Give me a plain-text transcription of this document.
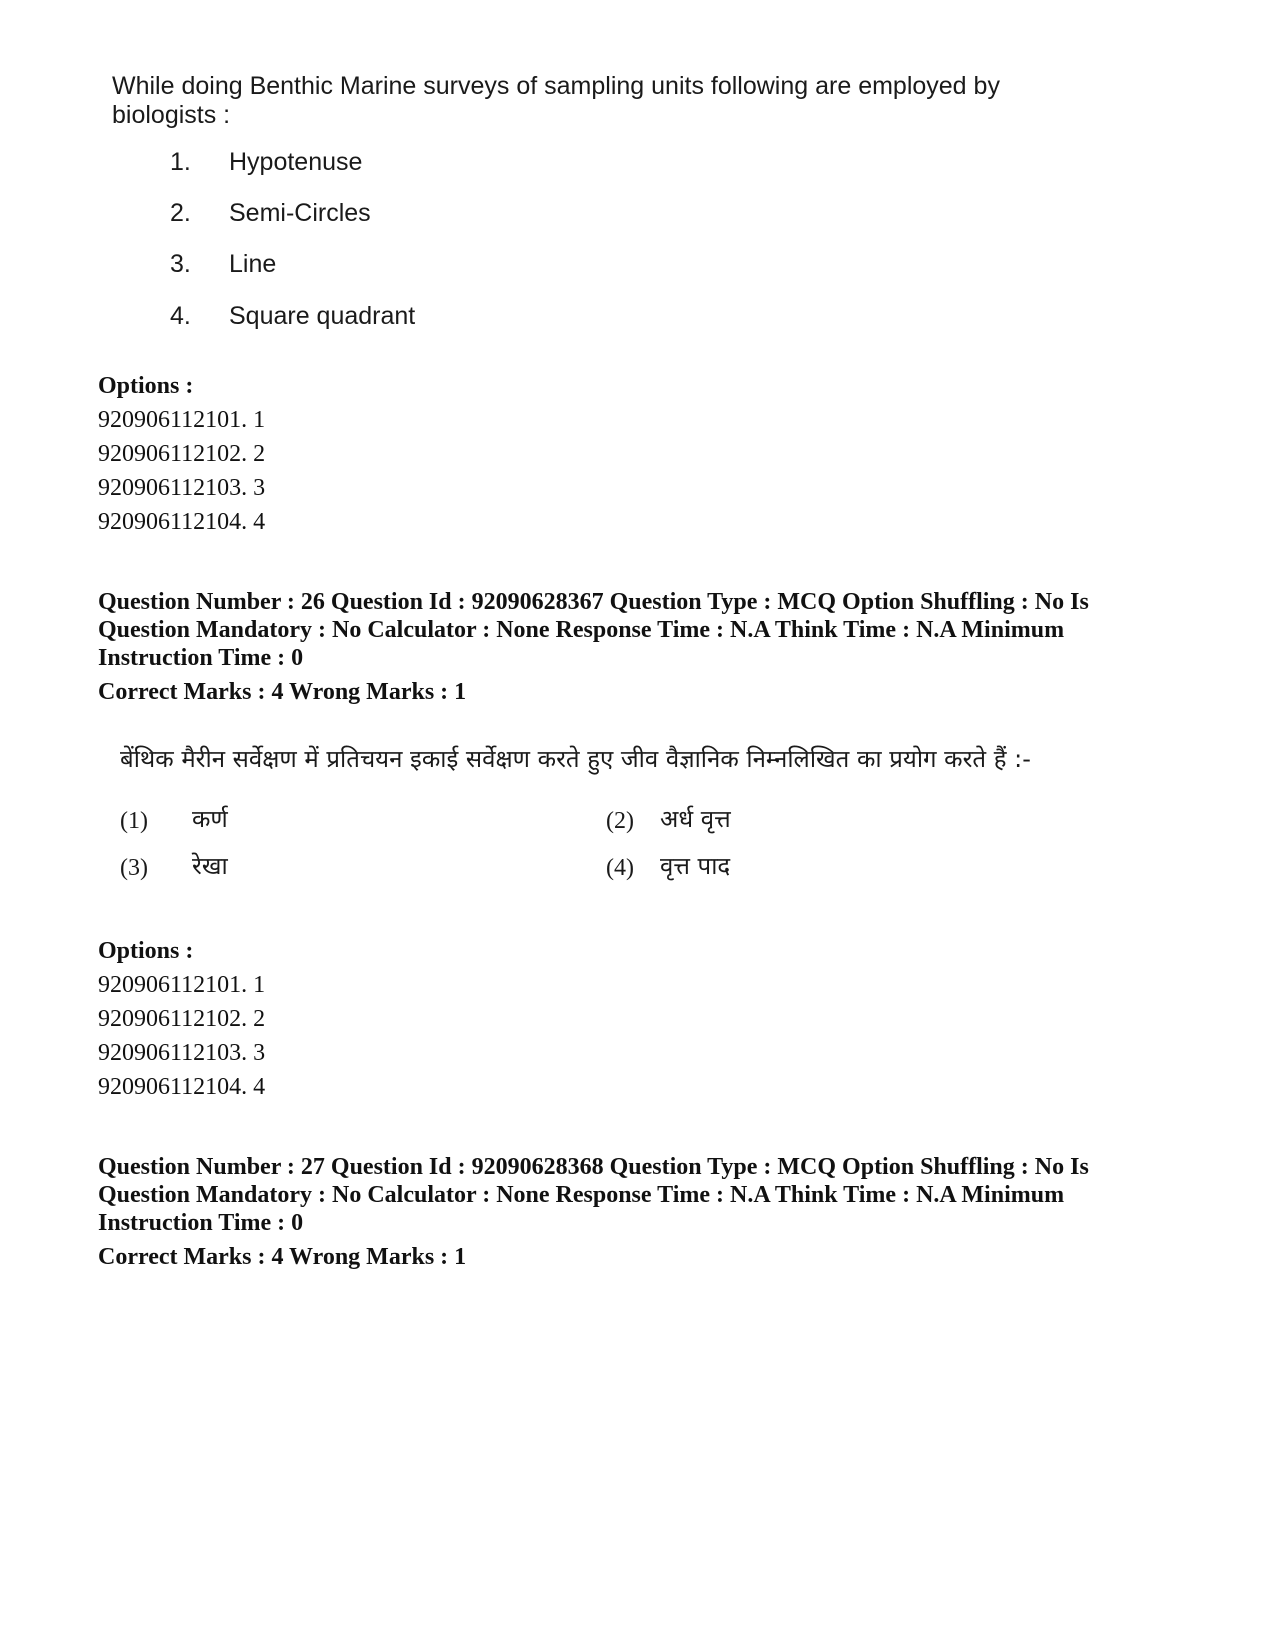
While doing Benthic Marine surveys of sampling units following are employed by biologists :
1.	Hypotenuse
2.	Semi-Circles
3.	Line
4.	Square quadrant
Options :
920906112101. 1
920906112102. 2
920906112103. 3
920906112104. 4
Question Number : 26 Question Id : 92090628367 Question Type : MCQ Option Shuffling : No Is
Question Mandatory : No Calculator : None Response Time : N.A Think Time : N.A Minimum
Instruction Time : 0
Correct Marks : 4 Wrong Marks : 1
बेंथिक मैरीन सर्वेक्षण में प्रतिचयन इकाई सर्वेक्षण करते हुए जीव वैज्ञानिक निम्नलिखित का प्रयोग करते हैं :-
(1) कर्ण	(2) अर्ध वृत्त
(3) रेखा	(4) वृत्त पाद
Options :
920906112101. 1
920906112102. 2
920906112103. 3
920906112104. 4
Question Number : 27 Question Id : 92090628368 Question Type : MCQ Option Shuffling : No Is
Question Mandatory : No Calculator : None Response Time : N.A Think Time : N.A Minimum
Instruction Time : 0
Correct Marks : 4 Wrong Marks : 1
